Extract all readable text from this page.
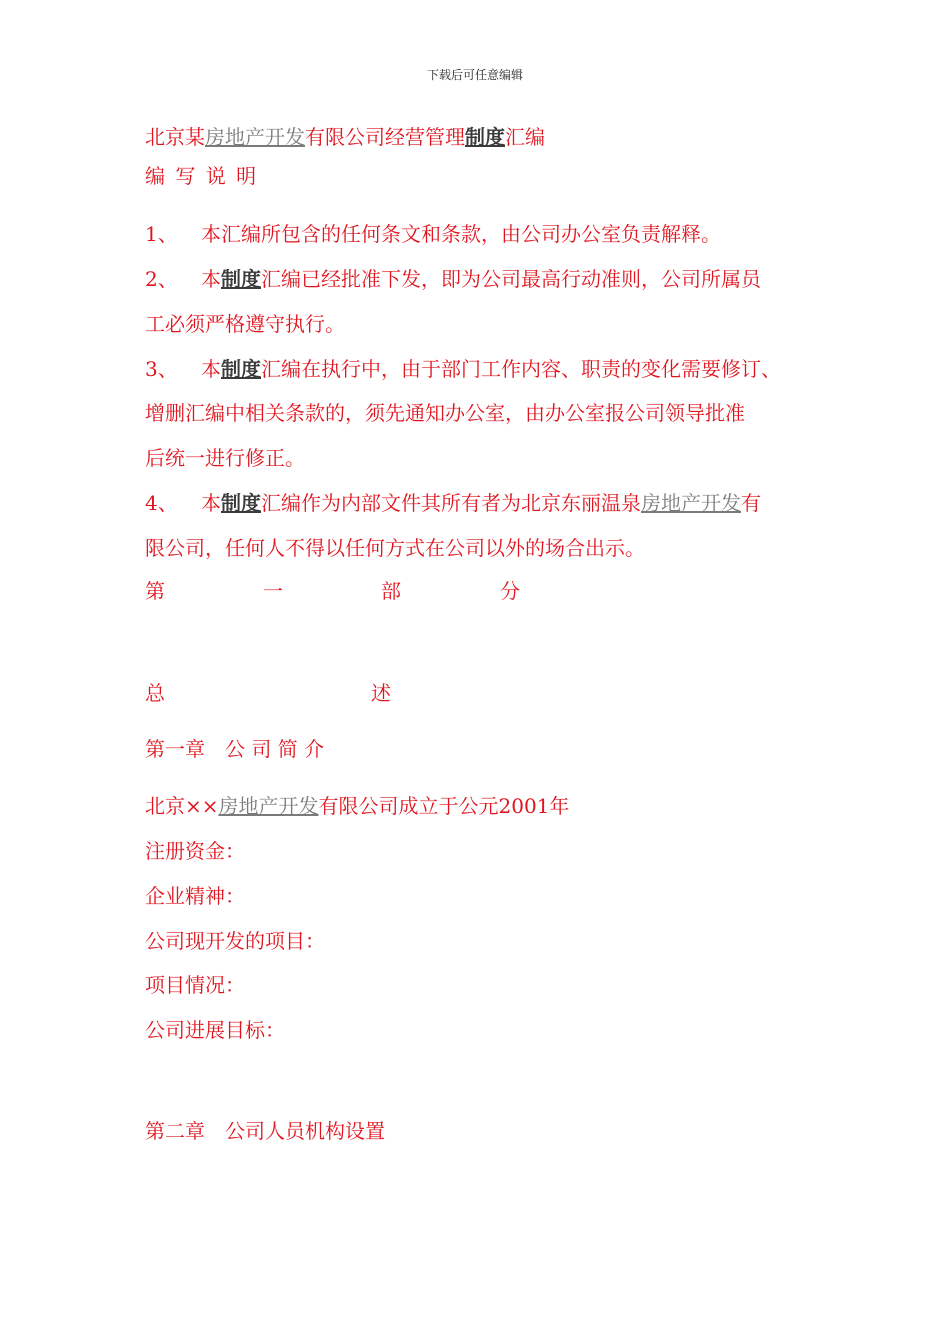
下载后可任意编辑
北京某房地产开发有限公司经营管理制度汇编
编 写 说 明
1、 本汇编所包含的任何条文和条款，由公司办公室负责解释。
2、 本制度汇编已经批准下发，即为公司最高行动准则，公司所属员
工必须严格遵守执行。
3、 本制度汇编在执行中，由于部门工作内容、职责的变化需要修订、
增删汇编中相关条款的，须先通知办公室，由办公室报公司领导批准
后统一进行修正。
4、 本制度汇编作为内部文件其所有者为北京东丽温泉房地产开发有
限公司，任何人不得以任何方式在公司以外的场合出示。
第	一	部	分
总	述
第一章　公 司 简 介
北京××房地产开发有限公司成立于公元2001年
注册资金：
企业精神：
公司现开发的项目：
项目情况：
公司进展目标：
第二章　公司人员机构设置
